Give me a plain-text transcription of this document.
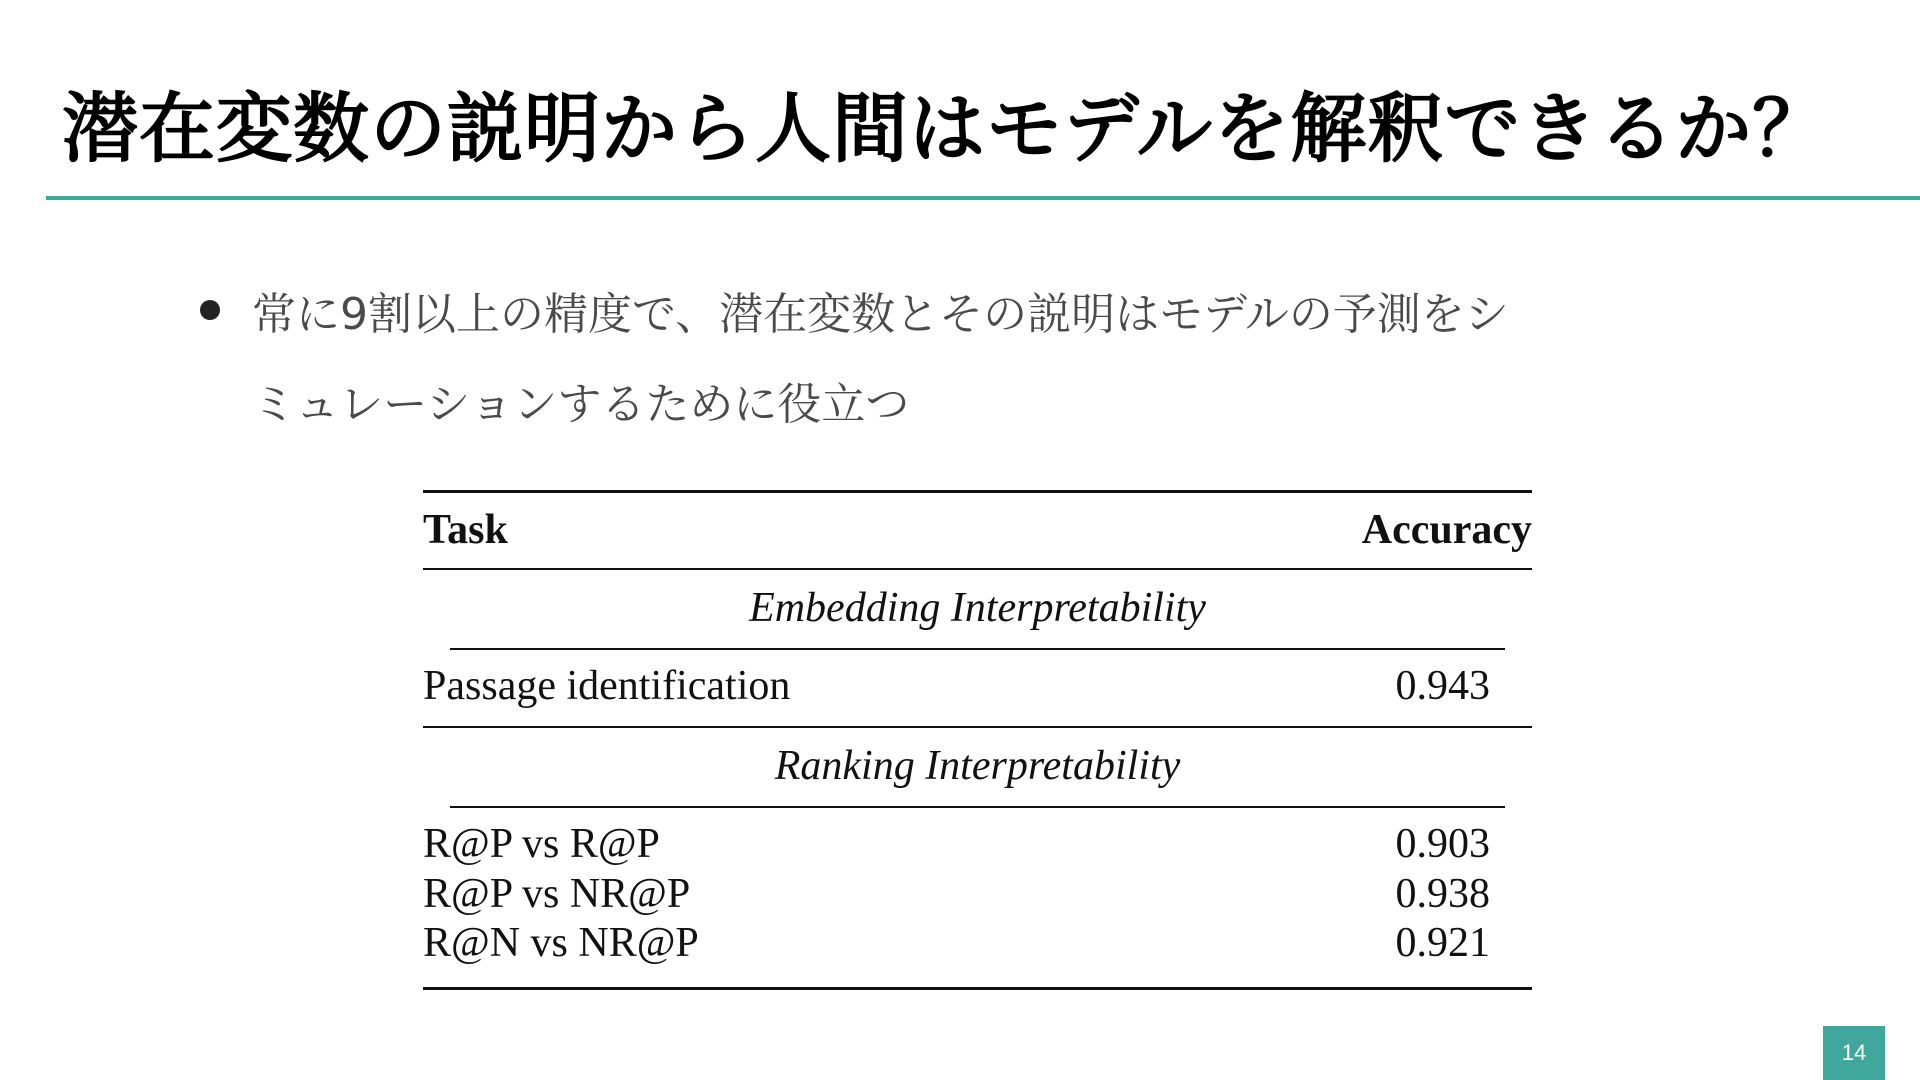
潜在変数の説明から人間はモデルを解釈できるか？
常に9割以上の精度で、潜在変数とその説明はモデルの予測をシ
ミュレーションするために役立つ
Task	Accuracy
Embedding Interpretability
Passage identification	0.943
Ranking Interpretability
R@P vs R@P	0.903
R@P vs NR@P	0.938
R@N vs NR@P	0.921
14
